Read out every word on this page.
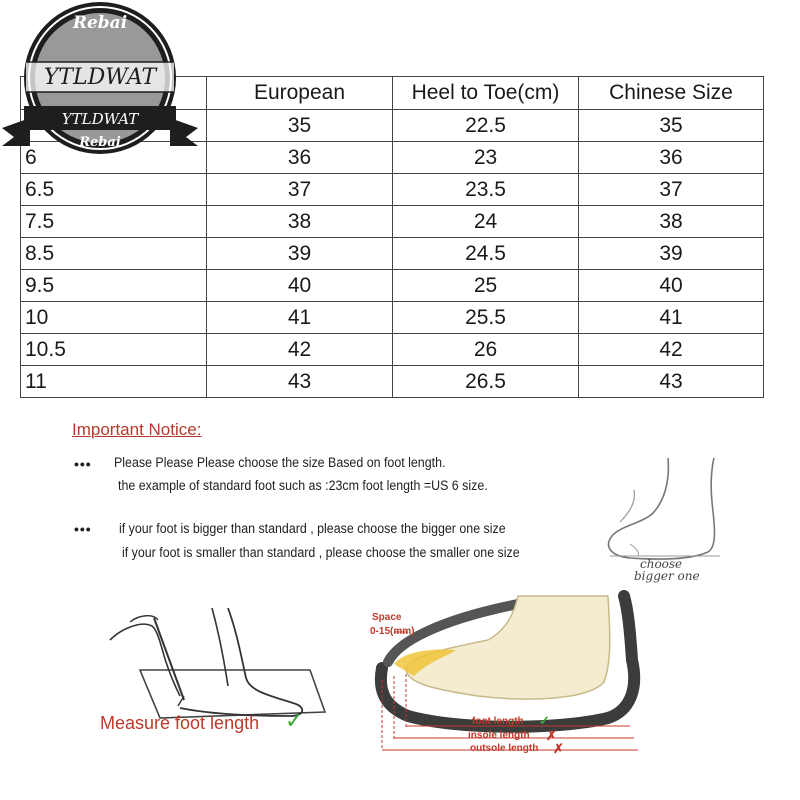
	European	Heel to Toe(cm)	Chinese Size
	35	22.5	35
6	36	23	36
6.5	37	23.5	37
7.5	38	24	38
8.5	39	24.5	39
9.5	40	25	40
10	41	25.5	41
10.5	42	26	42
11	43	26.5	43
Rebai
YTLDWAT
YTLDWAT
Rebai
Important Notice:
••• Please Please Please choose the size Based on foot length.
the example of standard foot such as :23cm foot length =US 6 size.
••• if your foot is bigger than standard , please choose the bigger one size
if your foot is smaller than standard , please choose the smaller one size
choose
bigger one
Measure foot length ✓
Space
0-15(mm)
foot length ✓
insole length ✗
outsole length ✗
